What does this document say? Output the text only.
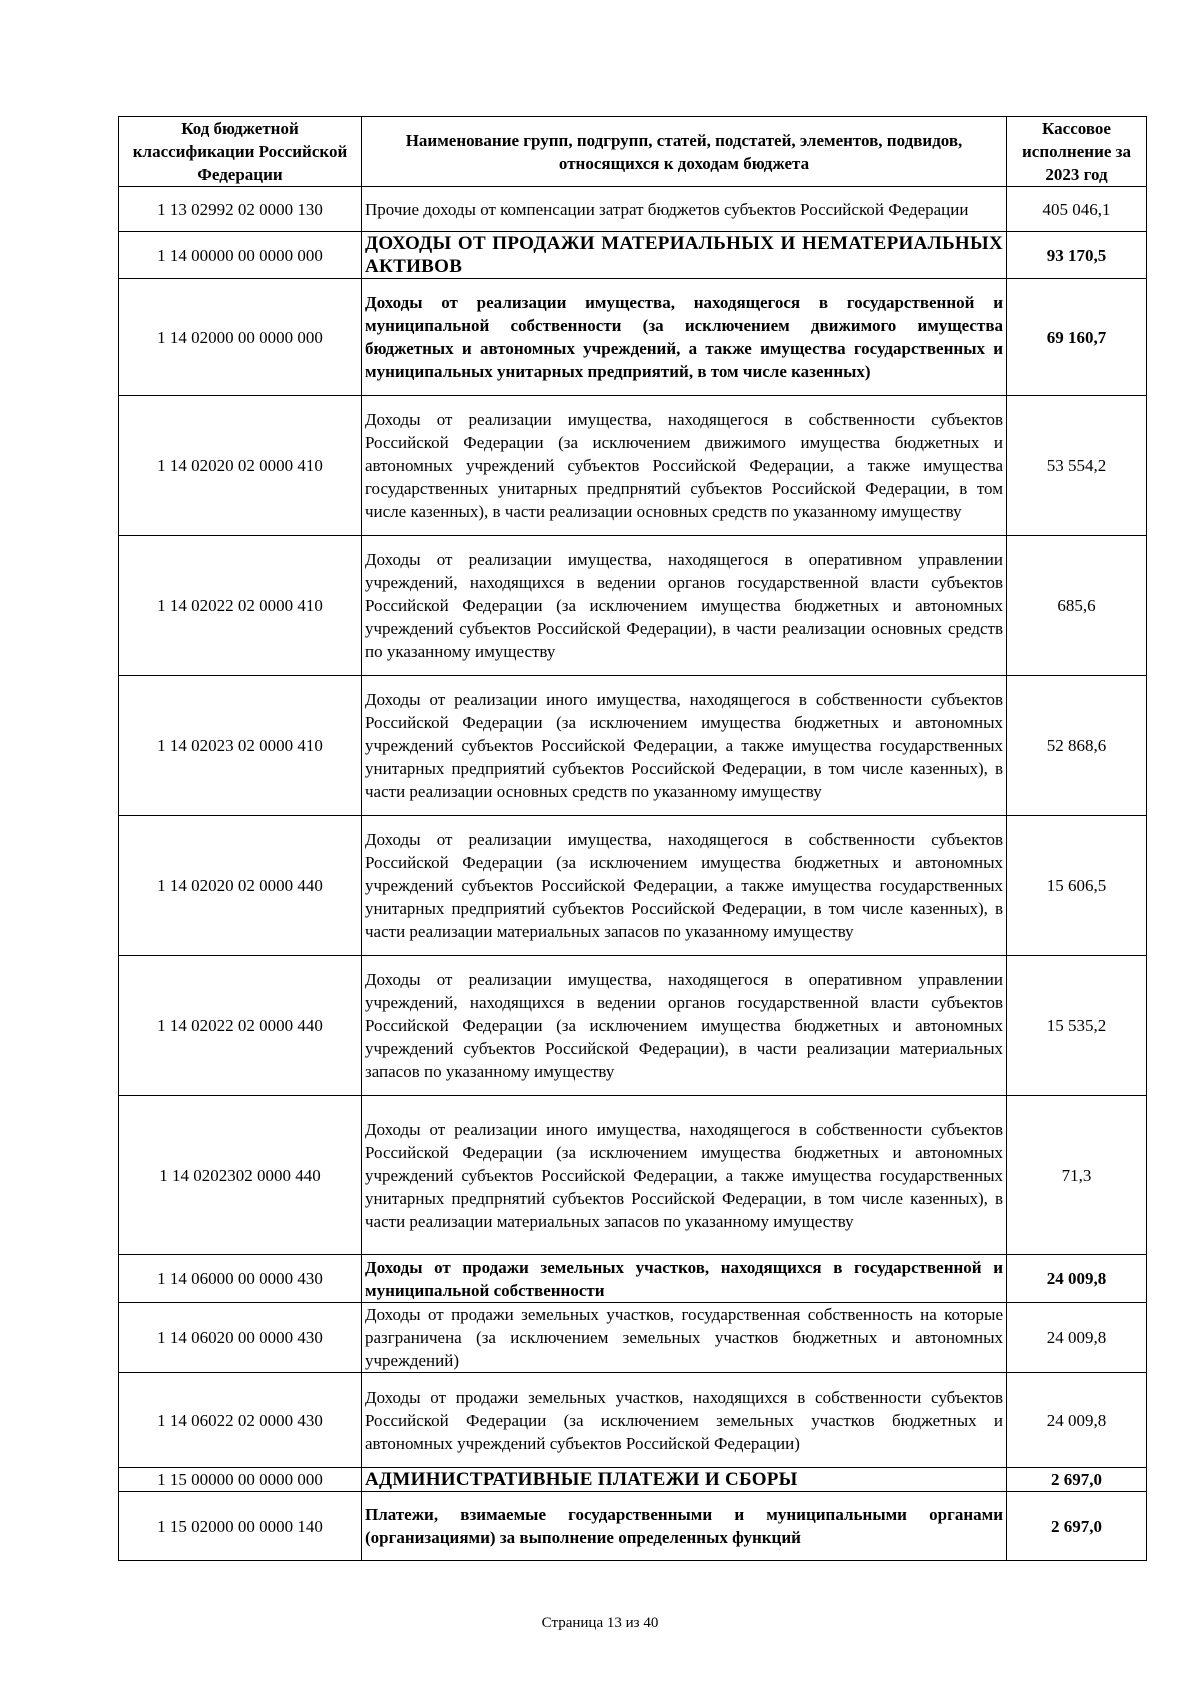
Код бюджетной классификации Российской Федерации	Наименование групп, подгрупп, статей, подстатей, элементов, подвидов, относящихся к доходам бюджета	Кассовое исполнение за 2023 год
1 13 02992 02 0000 130	Прочие доходы от компенсации затрат бюджетов субъектов Российской Федерации	405 046,1
1 14 00000 00 0000 000	ДОХОДЫ ОТ ПРОДАЖИ МАТЕРИАЛЬНЫХ И НЕМАТЕРИАЛЬНЫХ АКТИВОВ	93 170,5
1 14 02000 00 0000 000	Доходы от реализации имущества, находящегося в государственной и муниципальной собственности (за исключением движимого имущества бюджетных и автономных учреждений, а также имущества государственных и муниципальных унитарных предприятий, в том числе казенных)	69 160,7
1 14 02020 02 0000 410	Доходы от реализации имущества, находящегося в собственности субъектов Российской Федерации (за исключением движимого имущества бюджетных и автономных учреждений субъектов Российской Федерации, а также имущества государственных унитарных предпрнятий субъектов Российской Федерации, в том числе казенных), в части реализации основных средств по указанному имуществу	53 554,2
1 14 02022 02 0000 410	Доходы от реализации имущества, находящегося в оперативном управлении учреждений, находящихся в ведении органов государственной власти субъектов Российской Федерации (за исключением имущества бюджетных и автономных учреждений субъектов Российской Федерации), в части реализации основных средств по указанному имуществу	685,6
1 14 02023 02 0000 410	Доходы от реализации иного имущества, находящегося в собственности субъектов Российской Федерации (за исключением имущества бюджетных и автономных учреждений субъектов Российской Федерации, а также имущества государственных унитарных предприятий субъектов Российской Федерации, в том числе казенных), в части реализации основных средств по указанному имуществу	52 868,6
1 14 02020 02 0000 440	Доходы от реализации имущества, находящегося в собственности субъектов Российской Федерации (за исключением имущества бюджетных и автономных учреждений субъектов Российской Федерации, а также имущества государственных унитарных предприятий субъектов Российской Федерации, в том числе казенных), в части реализации материальных запасов по указанному имуществу	15 606,5
1 14 02022 02 0000 440	Доходы от реализации имущества, находящегося в оперативном управлении учреждений, находящихся в ведении органов государственной власти субъектов Российской Федерации (за исключением имущества бюджетных и автономных учреждений субъектов Российской Федерации), в части реализации материальных запасов по указанному имуществу	15 535,2
1 14 0202302 0000 440	Доходы от реализации иного имущества, находящегося в собственности субъектов Российской Федерации (за исключением имущества бюджетных и автономных учреждений субъектов Российской Федерации, а также имущества государственных унитарных предпрнятий субъектов Российской Федерации, в том числе казенных), в части реализации материальных запасов по указанному имуществу	71,3
1 14 06000 00 0000 430	Доходы от продажи земельных участков, находящихся в государственной и муниципальной собственности	24 009,8
1 14 06020 00 0000 430	Доходы от продажи земельных участков, государственная собственность на которые разграничена (за исключением земельных участков бюджетных и автономных учреждений)	24 009,8
1 14 06022 02 0000 430	Доходы от продажи земельных участков, находящихся в собственности субъектов Российской Федерации (за исключением земельных участков бюджетных и автономных учреждений субъектов Российской Федерации)	24 009,8
1 15 00000 00 0000 000	АДМИНИСТРАТИВНЫЕ ПЛАТЕЖИ И СБОРЫ	2 697,0
1 15 02000 00 0000 140	Платежи, взимаемые государственными и муниципальными органами (организациями) за выполнение определенных функций	2 697,0
Страница 13 из 40
